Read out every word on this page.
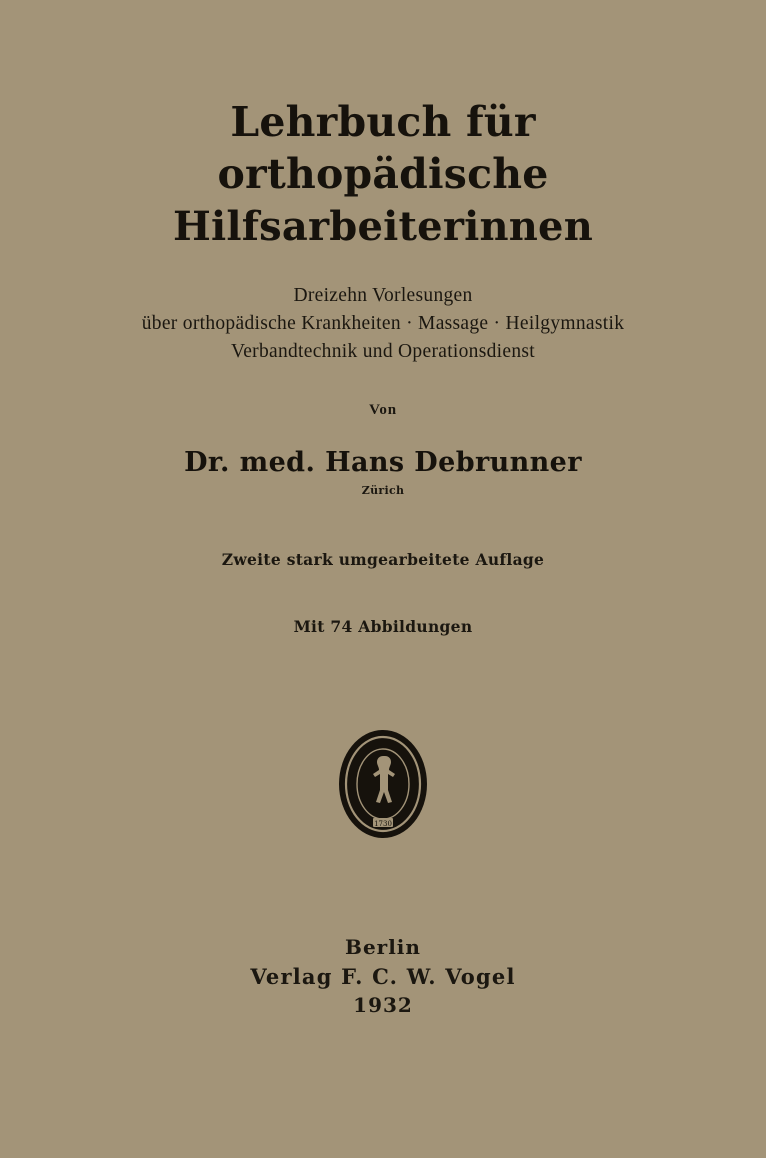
Lehrbuch für orthopädische
Hilfsarbeiterinnen
Dreizehn Vorlesungen
über orthopädische Krankheiten · Massage · Heilgymnastik
Verbandtechnik und Operationsdienst
Von
Dr. med. Hans Debrunner
Zürich
Zweite stark umgearbeitete Auflage
Mit 74 Abbildungen
1730
Berlin
Verlag F. C. W. Vogel
1932
